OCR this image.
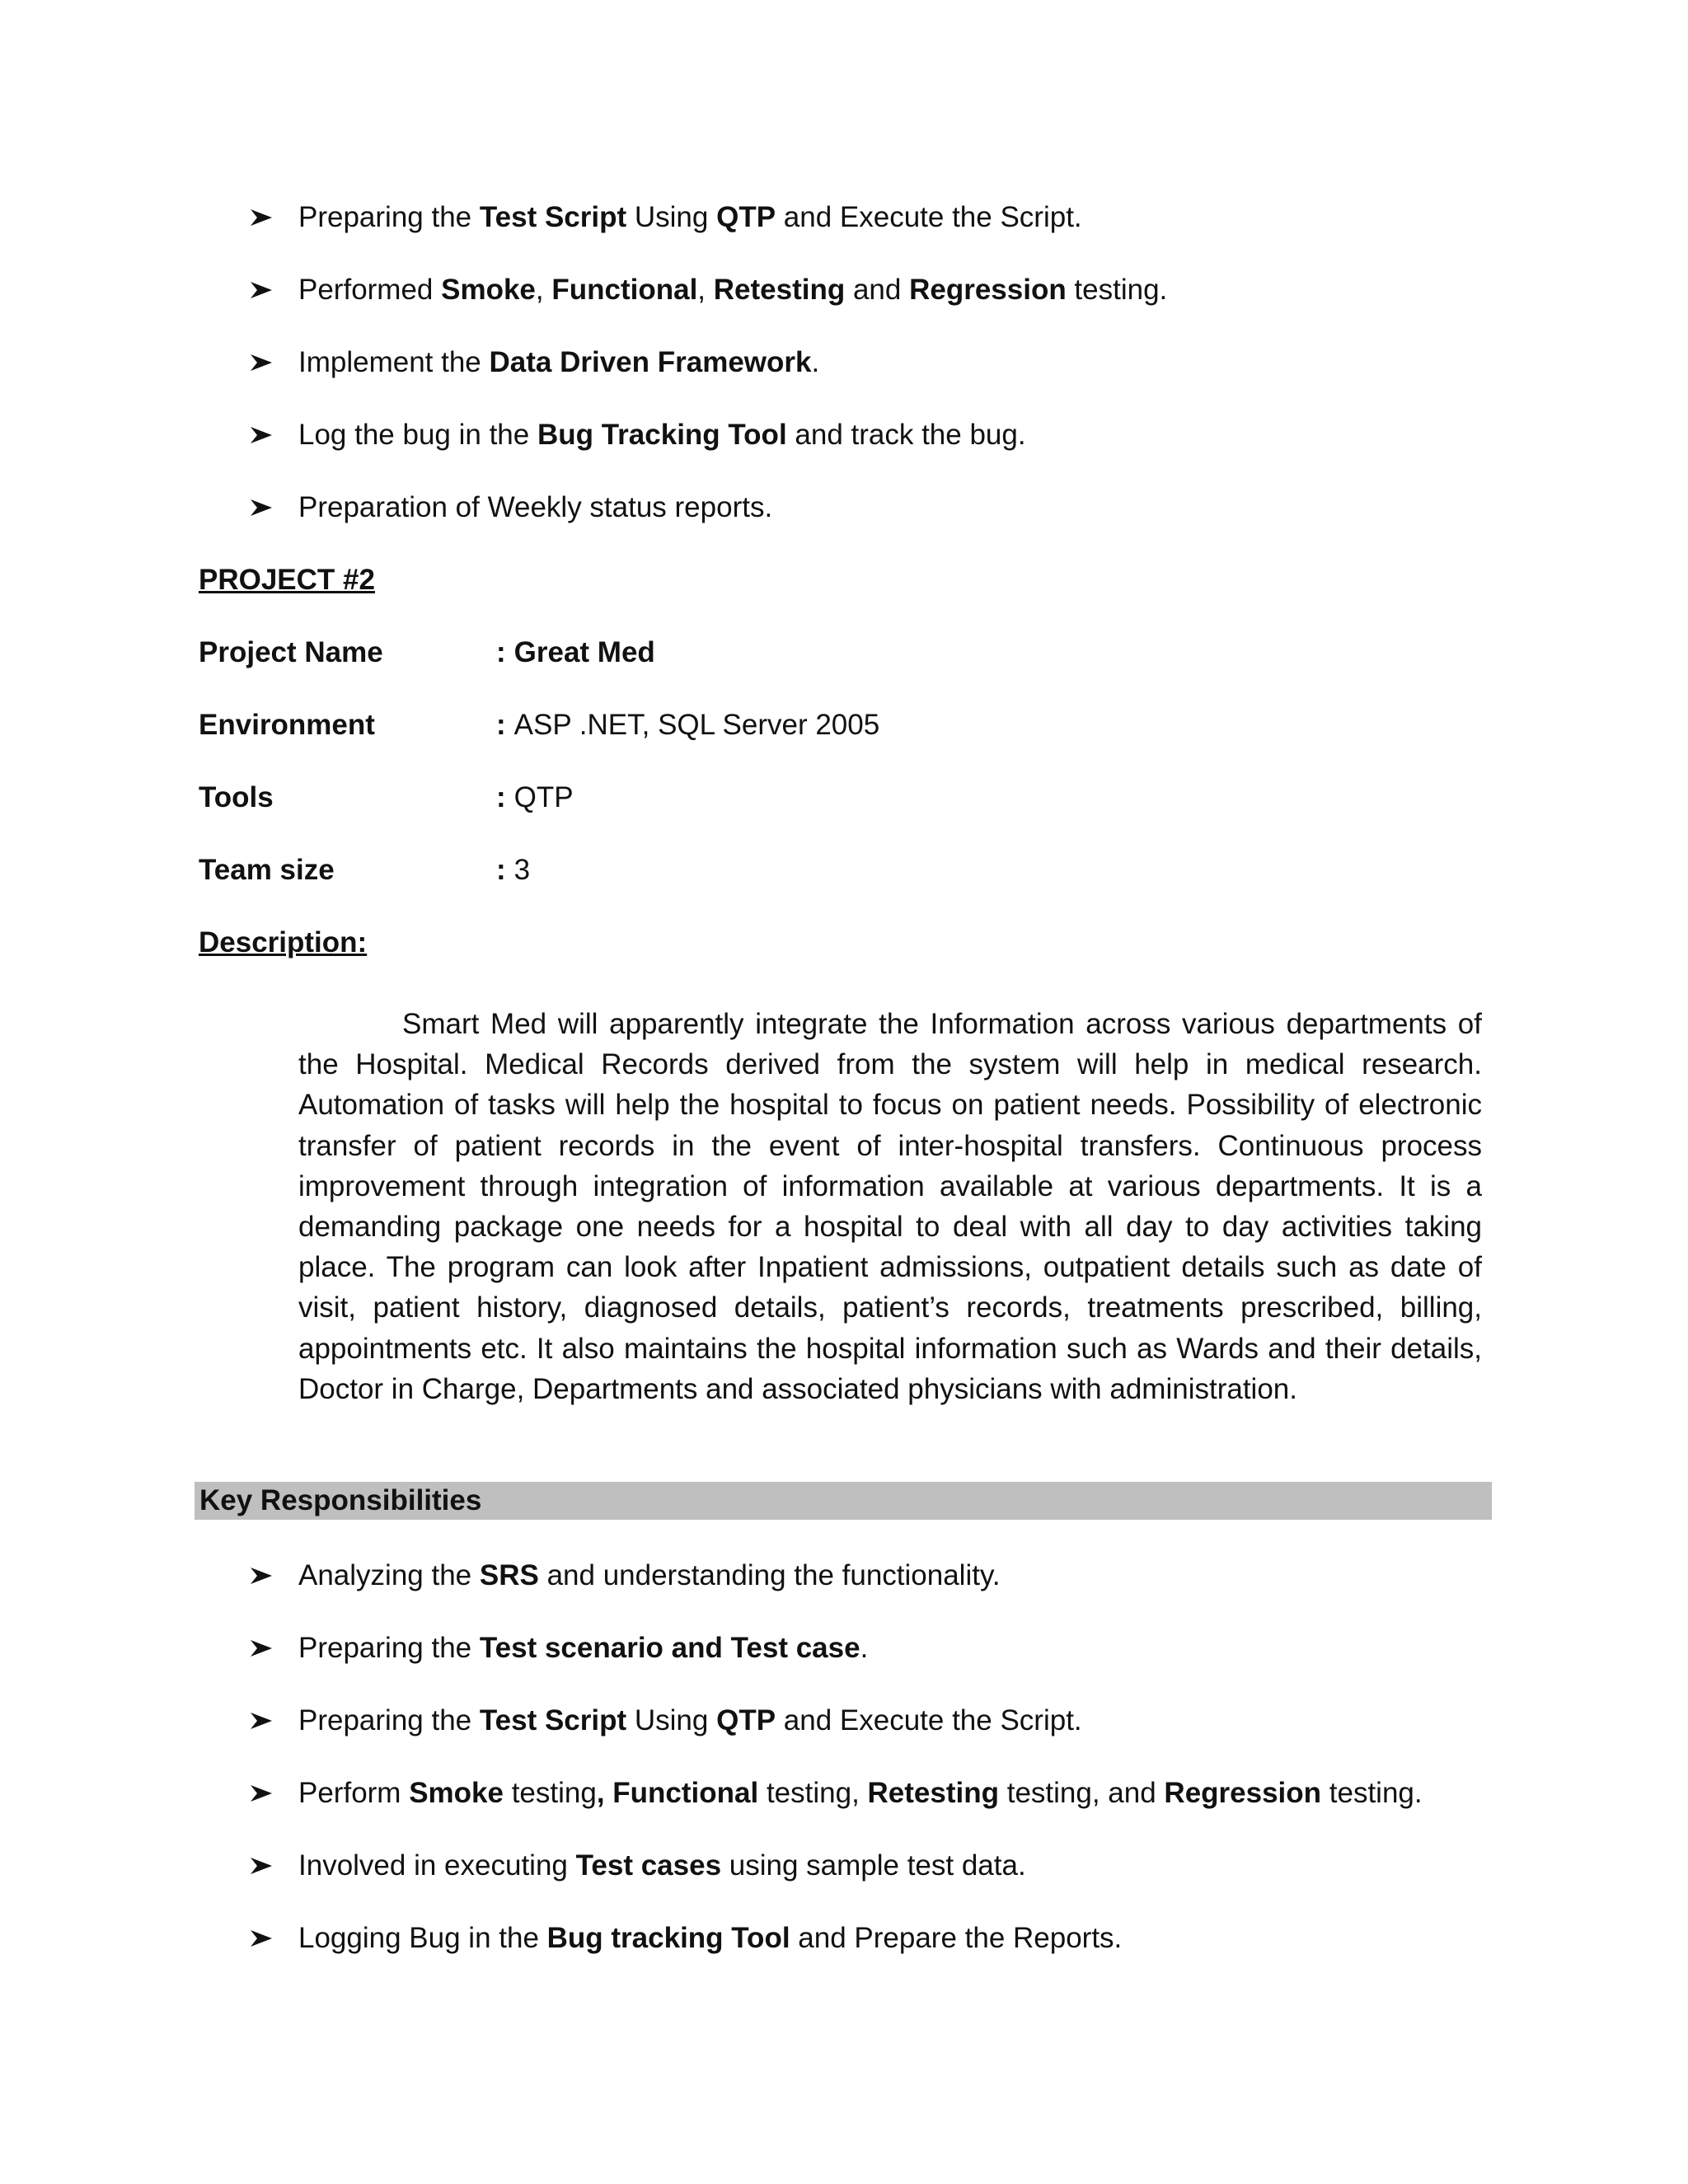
Preparing the Test Script Using QTP and Execute the Script.
Performed Smoke, Functional, Retesting and Regression testing.
Implement the Data Driven Framework.
Log the bug in the Bug Tracking Tool and track the bug.
Preparation of Weekly status reports.
PROJECT #2
Project Name	: Great Med
Environment	: ASP .NET, SQL Server 2005
Tools	: QTP
Team size	: 3
Description:

Smart Med will apparently integrate the Information across various departments of the Hospital. Medical Records derived from the system will help in medical research. Automation of tasks will help the hospital to focus on patient needs. Possibility of electronic transfer of patient records in the event of inter-hospital transfers. Continuous process improvement through integration of information available at various departments. It is a demanding package one needs for a hospital to deal with all day to day activities taking place. The program can look after Inpatient admissions, outpatient details such as date of visit, patient history, diagnosed details, patient’s records, treatments prescribed, billing, appointments etc. It also maintains the hospital information such as Wards and their details, Doctor in Charge, Departments and associated physicians with administration.

Key Responsibilities
Analyzing the SRS and understanding the functionality.
Preparing the Test scenario and Test case.
Preparing the Test Script Using QTP and Execute the Script.
Perform Smoke testing, Functional testing, Retesting testing, and Regression testing.
Involved in executing Test cases using sample test data.
Logging Bug in the Bug tracking Tool and Prepare the Reports.
